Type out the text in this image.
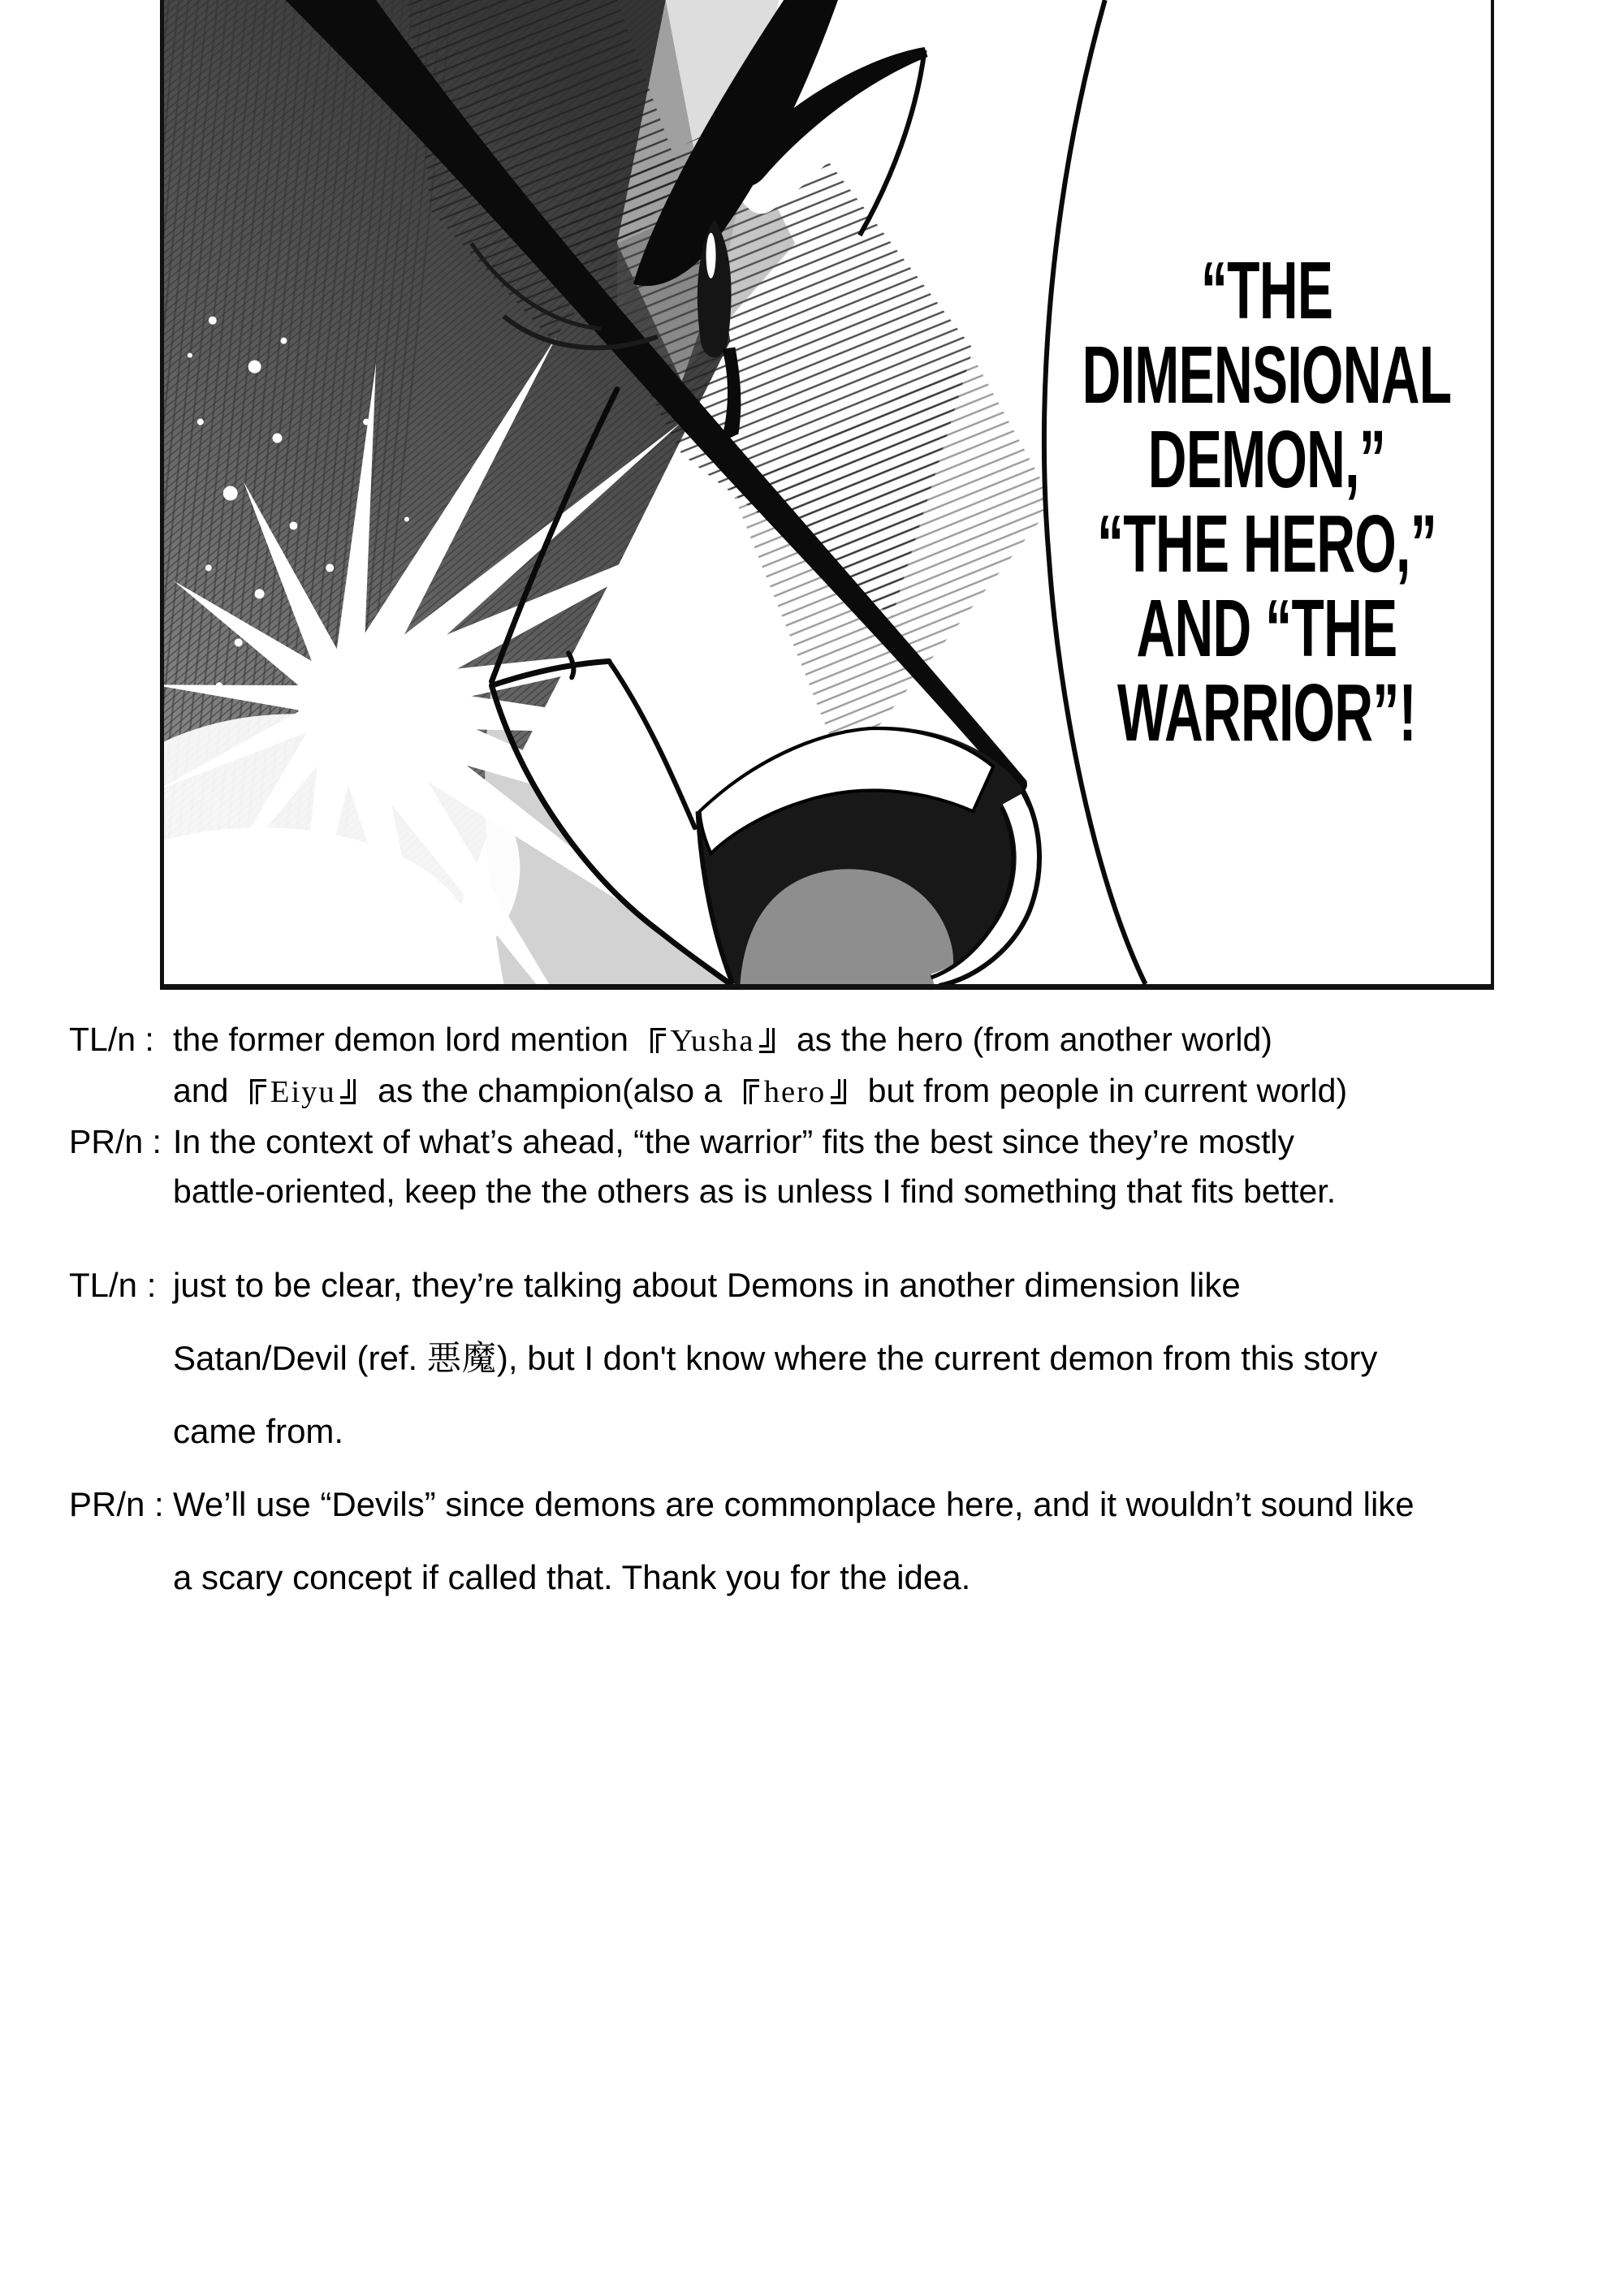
“THE
DIMENSIONAL
DEMON,”
“THE HERO,”
AND “THE
WARRIOR”!
TL/n : the former demon lord mention Yusha as the hero (from another world)
and Eiyu as the champion(also a hero but from people in current world)
PR/n : In the context of what’s ahead, “the warrior” fits the best since they’re mostly
battle-oriented, keep the the others as is unless I find something that fits better.
TL/n : just to be clear, they’re talking about Demons in another dimension like
Satan/Devil (ref. 悪魔), but I don't know where the current demon from this story
came from.
PR/n : We’ll use “Devils” since demons are commonplace here, and it wouldn’t sound like
a scary concept if called that. Thank you for the idea.
